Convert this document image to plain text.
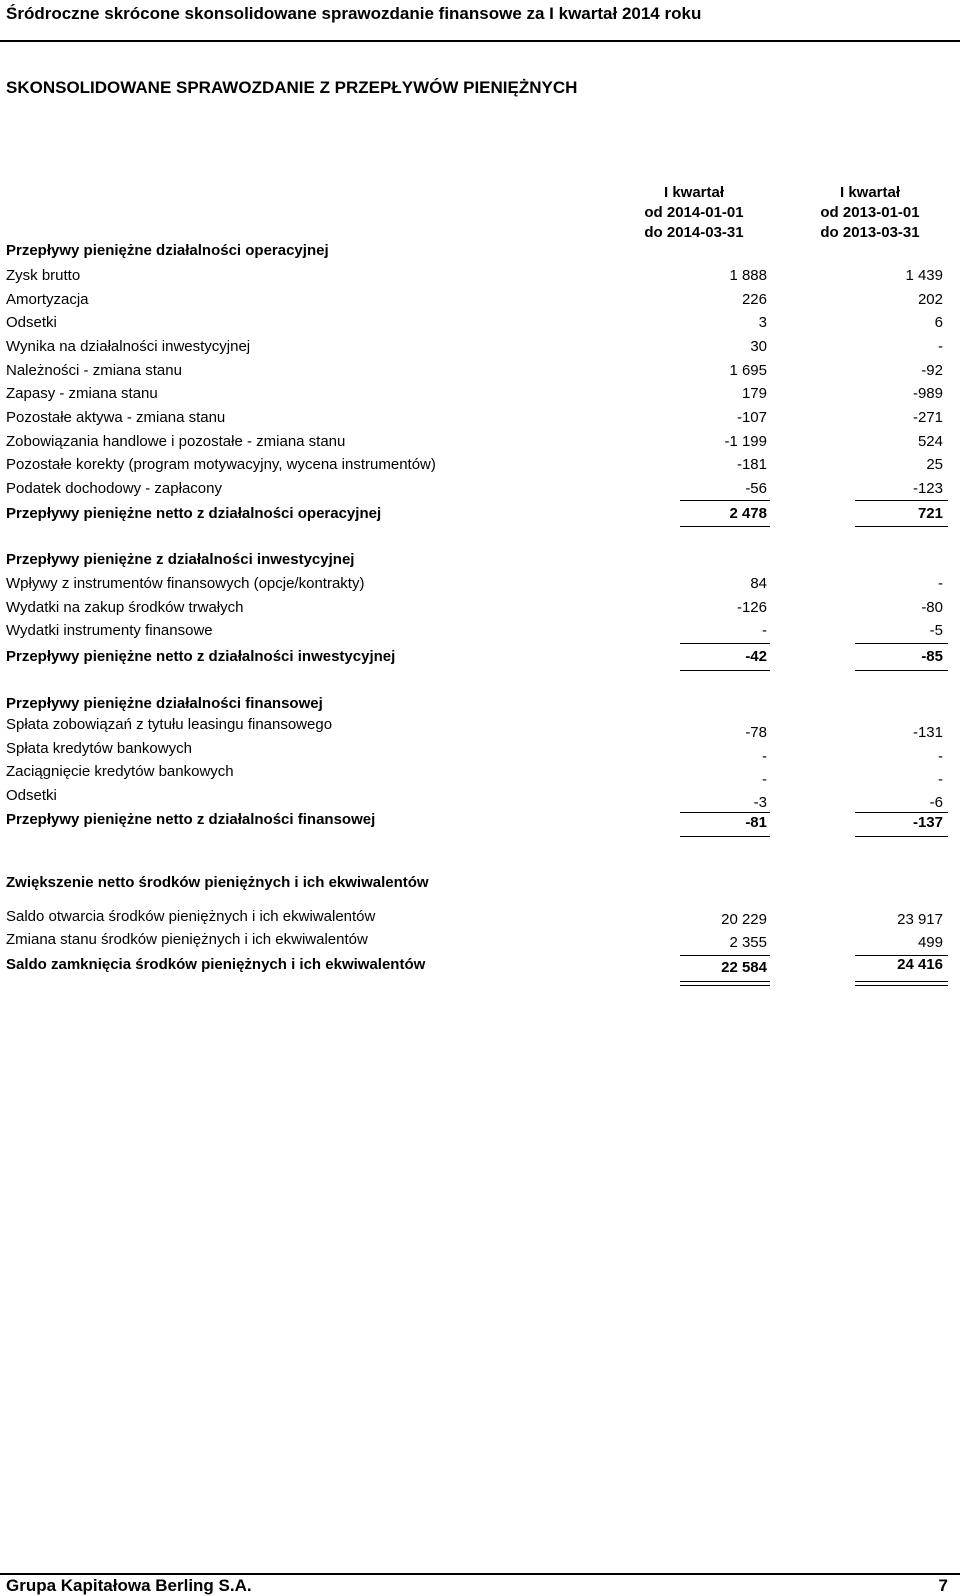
Śródroczne skrócone skonsolidowane sprawozdanie finansowe za I kwartał 2014 roku
SKONSOLIDOWANE SPRAWOZDANIE Z PRZEPŁYWÓW PIENIĘŻNYCH
I kwartał
od 2014-01-01
do 2014-03-31
I kwartał
od 2013-01-01
do 2013-03-31
Przepływy pieniężne działalności operacyjnej
Zysk brutto	1 888	1 439
Amortyzacja	226	202
Odsetki	3	6
Wynika na działalności inwestycyjnej	30	-
Należności - zmiana stanu	1 695	-92
Zapasy - zmiana stanu	179	-989
Pozostałe aktywa - zmiana stanu	-107	-271
Zobowiązania handlowe i pozostałe - zmiana stanu	-1 199	524
Pozostałe korekty (program motywacyjny, wycena instrumentów)	-181	25
Podatek dochodowy - zapłacony	-56	-123
Przepływy pieniężne netto z działalności operacyjnej	2 478	721
Przepływy pieniężne z działalności inwestycyjnej
Wpływy z instrumentów finansowych (opcje/kontrakty)	84	-
Wydatki na zakup środków trwałych	-126	-80
Wydatki instrumenty finansowe	-	-5
Przepływy pieniężne netto z działalności inwestycyjnej	-42	-85
Przepływy pieniężne działalności finansowej
Spłata zobowiązań z tytułu leasingu finansowego	-78	-131
Spłata kredytów bankowych	-	-
Zaciągnięcie kredytów bankowych	-	-
Odsetki	-3	-6
Przepływy pieniężne netto z działalności finansowej	-81	-137
Zwiększenie netto środków pieniężnych i ich ekwiwalentów
Saldo otwarcia środków pieniężnych i ich ekwiwalentów	20 229	23 917
Zmiana stanu środków pieniężnych i ich ekwiwalentów	2 355	499
Saldo zamknięcia środków pieniężnych i ich ekwiwalentów	22 584	24 416
Grupa Kapitałowa Berling S.A.	7
